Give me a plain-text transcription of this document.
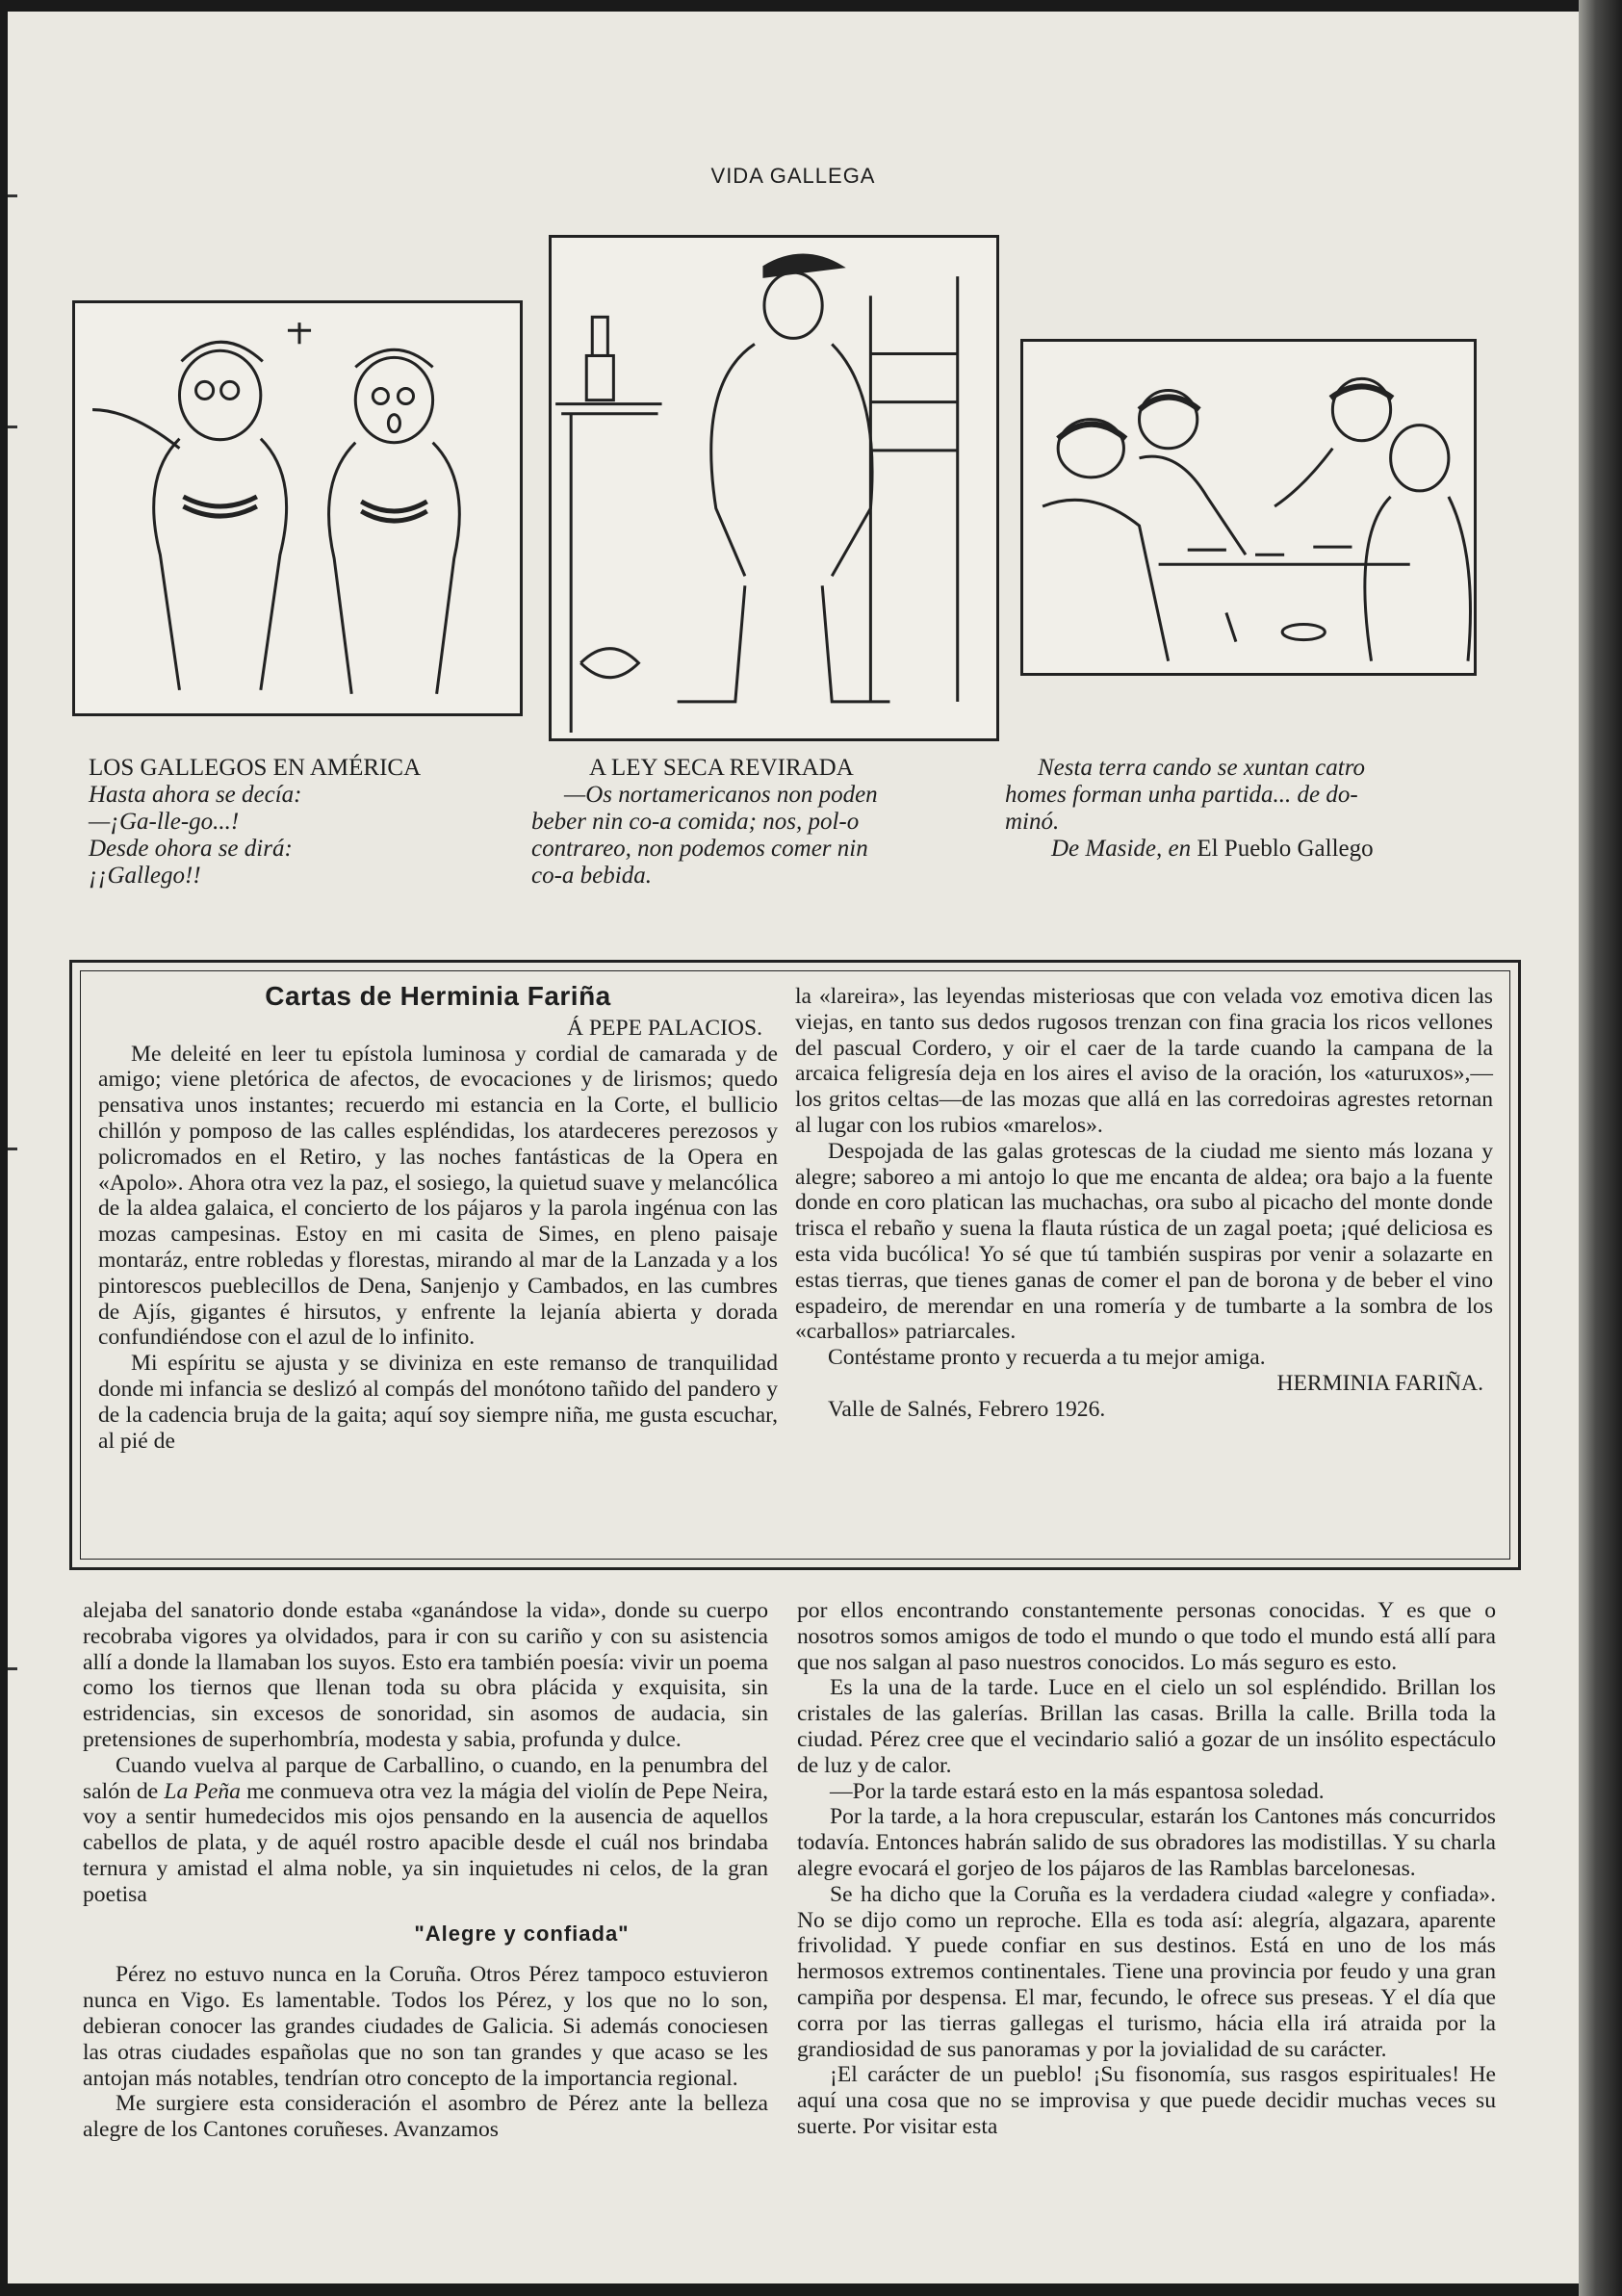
VIDA GALLEGA
LOS GALLEGOS EN AMÉRICA
Hasta ahora se decía:
—¡Ga-lle-go...!
Desde ohora se dirá:
¡¡Gallego!!
A LEY SECA REVIRADA
—Os nortamericanos non poden
beber nin co-a comida; nos, pol-o
contrareo, non podemos comer nin
co-a bebida.
Nesta terra cando se xuntan catro
homes forman unha partida... de do-
minó.
De Maside, en El Pueblo Gallego
Cartas de Herminia Fariña

Á PEPE PALACIOS.

Me deleité en leer tu epístola luminosa y cordial de camarada y de amigo; viene pletórica de afectos, de evocaciones y de lirismos; quedo pensativa unos instantes; recuerdo mi estancia en la Corte, el bullicio chillón y pomposo de las calles espléndidas, los atardeceres perezosos y policromados en el Retiro, y las noches fantásticas de la Opera en «Apolo». Ahora otra vez la paz, el sosiego, la quietud suave y melancólica de la aldea galaica, el concierto de los pájaros y la parola ingénua con las mozas campesinas. Estoy en mi casita de Simes, en pleno paisaje montaráz, entre robledas y florestas, mirando al mar de la Lanzada y a los pintorescos pueblecillos de Dena, Sanjenjo y Cambados, en las cumbres de Ajís, gigantes é hirsutos, y enfrente la lejanía abierta y dorada confundiéndose con el azul de lo infinito.

Mi espíritu se ajusta y se diviniza en este remanso de tranquilidad donde mi infancia se deslizó al compás del monótono tañido del pandero y de la cadencia bruja de la gaita; aquí soy siempre niña, me gusta escuchar, al pié de

la «lareira», las leyendas misteriosas que con velada voz emotiva dicen las viejas, en tanto sus dedos rugosos trenzan con fina gracia los ricos vellones del pascual Cordero, y oir el caer de la tarde cuando la campana de la arcaica feligresía deja en los aires el aviso de la oración, los «aturuxos»,—los gritos celtas—de las mozas que allá en las corredoiras agrestes retornan al lugar con los rubios «marelos».

Despojada de las galas grotescas de la ciudad me siento más lozana y alegre; saboreo a mi antojo lo que me encanta de aldea; ora bajo a la fuente donde en coro platican las muchachas, ora subo al picacho del monte donde trisca el rebaño y suena la flauta rústica de un zagal poeta; ¡qué deliciosa es esta vida bucólica! Yo sé que tú también suspiras por venir a solazarte en estas tierras, que tienes ganas de comer el pan de borona y de beber el vino espadeiro, de merendar en una romería y de tumbarte a la sombra de los «carballos» patriarcales.

Contéstame pronto y recuerda a tu mejor amiga.

HERMINIA FARIÑA.

Valle de Salnés, Febrero 1926.

alejaba del sanatorio donde estaba «ganándose la vida», donde su cuerpo recobraba vigores ya olvidados, para ir con su cariño y con su asistencia allí a donde la llamaban los suyos. Esto era también poesía: vivir un poema como los tiernos que llenan toda su obra plácida y exquisita, sin estridencias, sin excesos de sonoridad, sin asomos de audacia, sin pretensiones de superhombría, modesta y sabia, profunda y dulce.

Cuando vuelva al parque de Carballino, o cuando, en la penumbra del salón de La Peña me conmueva otra vez la mágia del violín de Pepe Neira, voy a sentir humedecidos mis ojos pensando en la ausencia de aquellos cabellos de plata, y de aquél rostro apacible desde el cuál nos brindaba ternura y amistad el alma noble, ya sin inquietudes ni celos, de la gran poetisa

"Alegre y confiada"

Pérez no estuvo nunca en la Coruña. Otros Pérez tampoco estuvieron nunca en Vigo. Es lamentable. Todos los Pérez, y los que no lo son, debieran conocer las grandes ciudades de Galicia. Si además conociesen las otras ciudades españolas que no son tan grandes y que acaso se les antojan más notables, tendrían otro concepto de la importancia regional.

Me surgiere esta consideración el asombro de Pérez ante la belleza alegre de los Cantones coruñeses. Avanzamos

por ellos encontrando constantemente personas conocidas. Y es que o nosotros somos amigos de todo el mundo o que todo el mundo está allí para que nos salgan al paso nuestros conocidos. Lo más seguro es esto.

Es la una de la tarde. Luce en el cielo un sol espléndido. Brillan los cristales de las galerías. Brillan las casas. Brilla la calle. Brilla toda la ciudad. Pérez cree que el vecindario salió a gozar de un insólito espectáculo de luz y de calor.

—Por la tarde estará esto en la más espantosa soledad.

Por la tarde, a la hora crepuscular, estarán los Cantones más concurridos todavía. Entonces habrán salido de sus obradores las modistillas. Y su charla alegre evocará el gorjeo de los pájaros de las Ramblas barcelonesas.

Se ha dicho que la Coruña es la verdadera ciudad «alegre y confiada». No se dijo como un reproche. Ella es toda así: alegría, algazara, aparente frivolidad. Y puede confiar en sus destinos. Está en uno de los más hermosos extremos continentales. Tiene una provincia por feudo y una gran campiña por despensa. El mar, fecundo, le ofrece sus preseas. Y el día que corra por las tierras gallegas el turismo, hácia ella irá atraida por la grandiosidad de sus panoramas y por la jovialidad de su carácter.

¡El carácter de un pueblo! ¡Su fisonomía, sus rasgos espirituales! He aquí una cosa que no se improvisa y que puede decidir muchas veces su suerte. Por visitar esta
